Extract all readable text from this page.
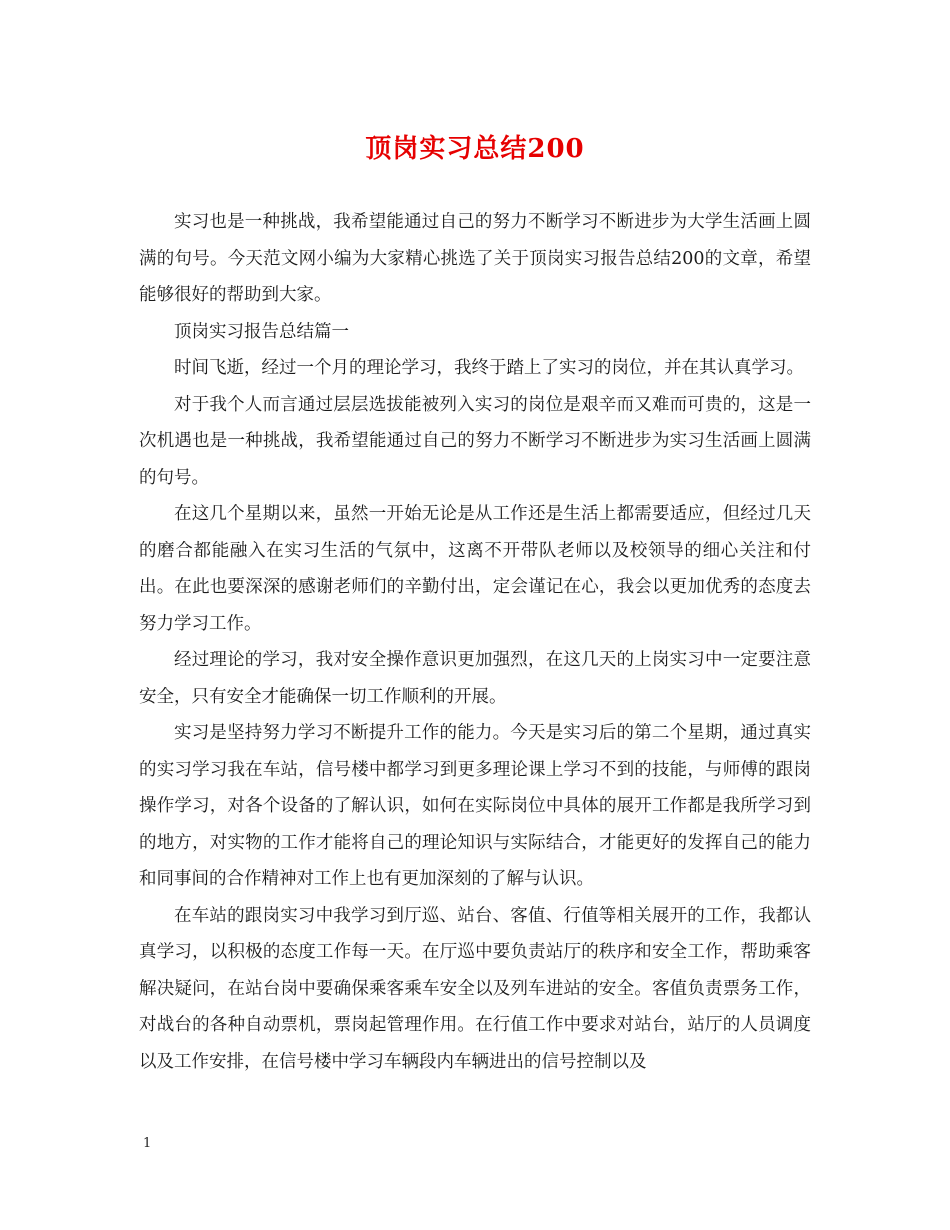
顶岗实习总结200

实习也是一种挑战，我希望能通过自己的努力不断学习不断进步为大学生活画上圆满的句号。今天范文网小编为大家精心挑选了关于顶岗实习报告总结200的文章，希望能够很好的帮助到大家。

顶岗实习报告总结篇一

时间飞逝，经过一个月的理论学习，我终于踏上了实习的岗位，并在其认真学习。

对于我个人而言通过层层选拔能被列入实习的岗位是艰辛而又难而可贵的，这是一次机遇也是一种挑战，我希望能通过自己的努力不断学习不断进步为实习生活画上圆满的句号。

在这几个星期以来，虽然一开始无论是从工作还是生活上都需要适应，但经过几天的磨合都能融入在实习生活的气氛中，这离不开带队老师以及校领导的细心关注和付出。在此也要深深的感谢老师们的辛勤付出，定会谨记在心，我会以更加优秀的态度去努力学习工作。

经过理论的学习，我对安全操作意识更加强烈，在这几天的上岗实习中一定要注意安全，只有安全才能确保一切工作顺利的开展。

实习是坚持努力学习不断提升工作的能力。今天是实习后的第二个星期，通过真实的实习学习我在车站，信号楼中都学习到更多理论课上学习不到的技能，与师傅的跟岗操作学习，对各个设备的了解认识，如何在实际岗位中具体的展开工作都是我所学习到的地方，对实物的工作才能将自己的理论知识与实际结合，才能更好的发挥自己的能力和同事间的合作精神对工作上也有更加深刻的了解与认识。

在车站的跟岗实习中我学习到厅巡、站台、客值、行值等相关展开的工作，我都认真学习，以积极的态度工作每一天。在厅巡中要负责站厅的秩序和安全工作，帮助乘客解决疑问，在站台岗中要确保乘客乘车安全以及列车进站的安全。客值负责票务工作，对战台的各种自动票机，票岗起管理作用。在行值工作中要求对站台，站厅的人员调度以及工作安排，在信号楼中学习车辆段内车辆进出的信号控制以及

1
